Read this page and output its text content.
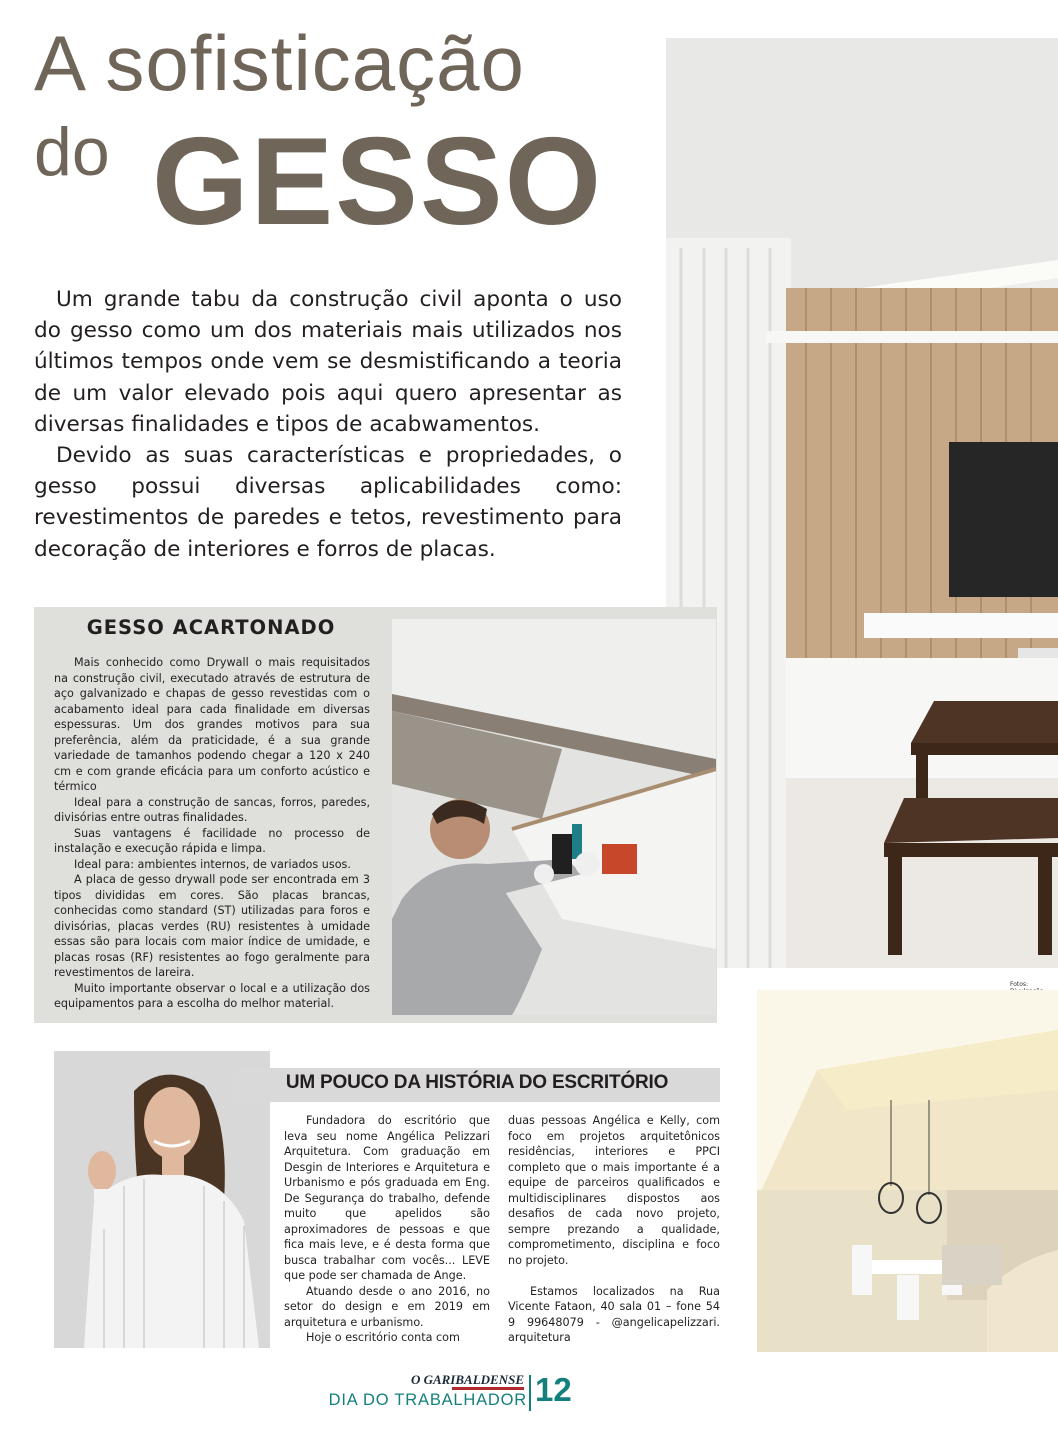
A sofisticação
do GESSO

Um grande tabu da construção civil aponta o uso do gesso como um dos materiais mais utilizados nos últimos tempos onde vem se desmistificando a teoria de um valor elevado pois aqui quero apresentar as diversas finalidades e tipos de acabwamentos.

Devido as suas características e propriedades, o gesso possui diversas aplicabilidades como: revestimentos de paredes e tetos, revestimento para decoração de interiores e forros de placas.

Fotos:
GESSO ACARTONADO

Mais conhecido como Drywall o mais requisitados na construção civil, executado através de estrutura de aço galvanizado e chapas de gesso revestidas com o acabamento ideal para cada finalidade em diversas espessuras. Um dos grandes motivos para sua preferência, além da praticidade, é a sua grande variedade de tamanhos podendo chegar a 120 x 240 cm e com grande eficácia para um conforto acústico e térmico

Ideal para a construção de sancas, forros, paredes, divisórias entre outras finalidades.

Suas vantagens é facilidade no processo de instalação e execução rápida e limpa.

Ideal para: ambientes internos, de variados usos.

A placa de gesso drywall pode ser encontrada em 3 tipos divididas em cores. São placas brancas, conhecidas como standard (ST) utilizadas para foros e divisórias, placas verdes (RU) resistentes à umidade essas são para locais com maior índice de umidade, e placas rosas (RF) resistentes ao fogo geralmente para revestimentos de lareira.

Muito importante observar o local e a utilização dos equipamentos para a escolha do melhor material.

UM POUCO DA HISTÓRIA DO ESCRITÓRIO

Fundadora do escritório que leva seu nome Angélica Pelizzari Arquitetura. Com graduação em Desgin de Interiores e Arquitetura e Urbanismo e pós graduada em Eng. De Segurança do trabalho, defende muito que apelidos são aproximadores de pessoas e que fica mais leve, e é desta forma que busca trabalhar com vocês... LEVE que pode ser chamada de Ange.

Atuando desde o ano 2016, no setor do design e em 2019 em arquitetura e urbanismo.

Hoje o escritório conta com

duas pessoas Angélica e Kelly, com foco em projetos arquitetônicos residências, interiores e PPCI completo que o mais importante é a equipe de parceiros qualificados e multidisciplinares dispostos aos desafios de cada novo projeto, sempre prezando a qualidade, comprometimento, disciplina e foco no projeto.

Estamos localizados na Rua Vicente Fataon, 40 sala 01 – fone 54 9 99648079 - @angelicapelizzari. arquitetura

O GARIBALDENSE
DIA DO TRABALHADOR 12
